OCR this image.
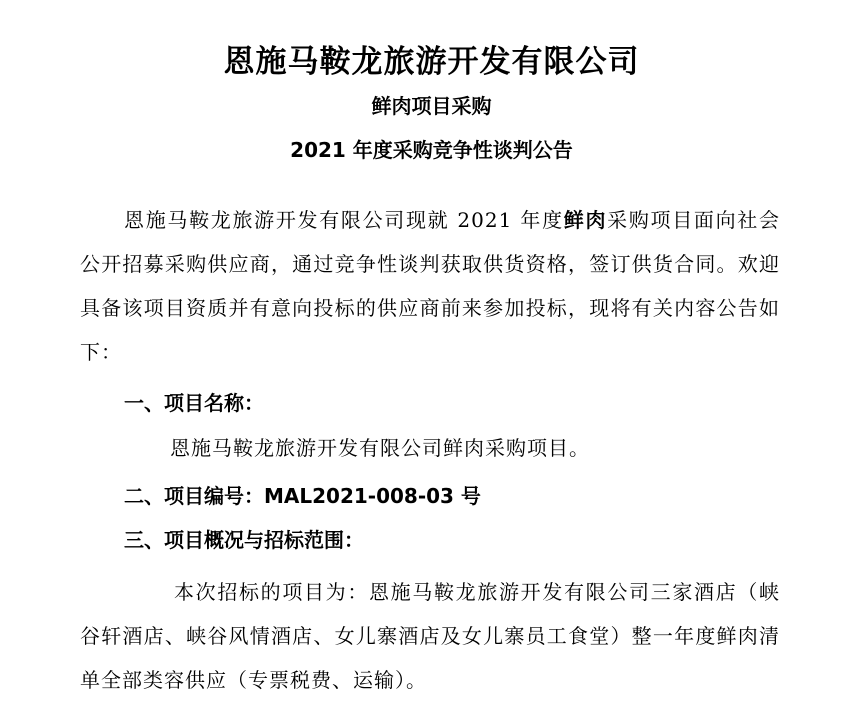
恩施马鞍龙旅游开发有限公司
鲜肉项目采购
2021 年度采购竞争性谈判公告
恩施马鞍龙旅游开发有限公司现就 2021 年度鲜肉采购项目面向社会公开招募采购供应商，通过竞争性谈判获取供货资格，签订供货合同。欢迎具备该项目资质并有意向投标的供应商前来参加投标，现将有关内容公告如下：
一、项目名称：
恩施马鞍龙旅游开发有限公司鲜肉采购项目。
二、项目编号：MAL2021-008-03 号
三、项目概况与招标范围：
本次招标的项目为：恩施马鞍龙旅游开发有限公司三家酒店（峡谷轩酒店、峡谷风情酒店、女儿寨酒店及女儿寨员工食堂）整一年度鲜肉清单全部类容供应（专票税费、运输）。
